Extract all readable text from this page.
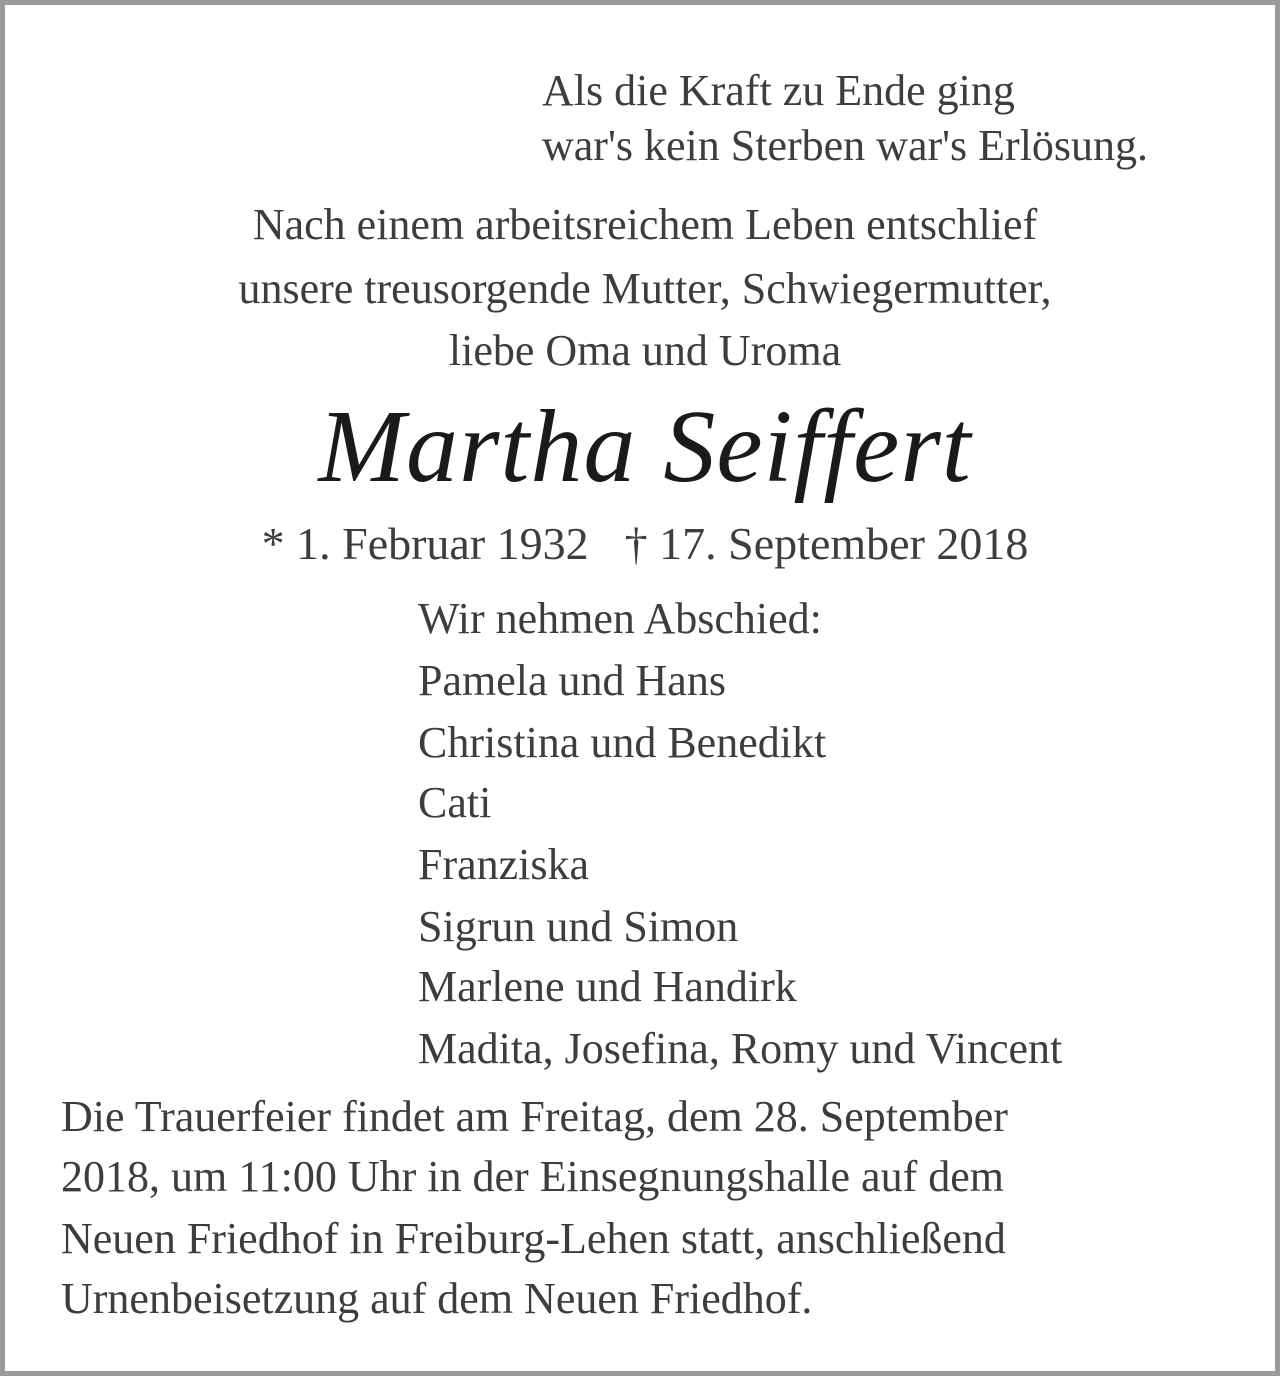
Als die Kraft zu Ende ging

war's kein Sterben war's Erlösung.

Nach einem arbeitsreichem Leben entschlief

unsere treusorgende Mutter, Schwiegermutter,

liebe Oma und Uroma

Martha Seiffert

* 1. Februar 1932 † 17. September 2018

Wir nehmen Abschied:

Pamela und Hans

Christina und Benedikt

Cati

Franziska

Sigrun und Simon

Marlene und Handirk

Madita, Josefina, Romy und Vincent

Die Trauerfeier findet am Freitag, dem 28. September

2018, um 11:00 Uhr in der Einsegnungshalle auf dem

Neuen Friedhof in Freiburg-Lehen statt, anschließend

Urnenbeisetzung auf dem Neuen Friedhof.
